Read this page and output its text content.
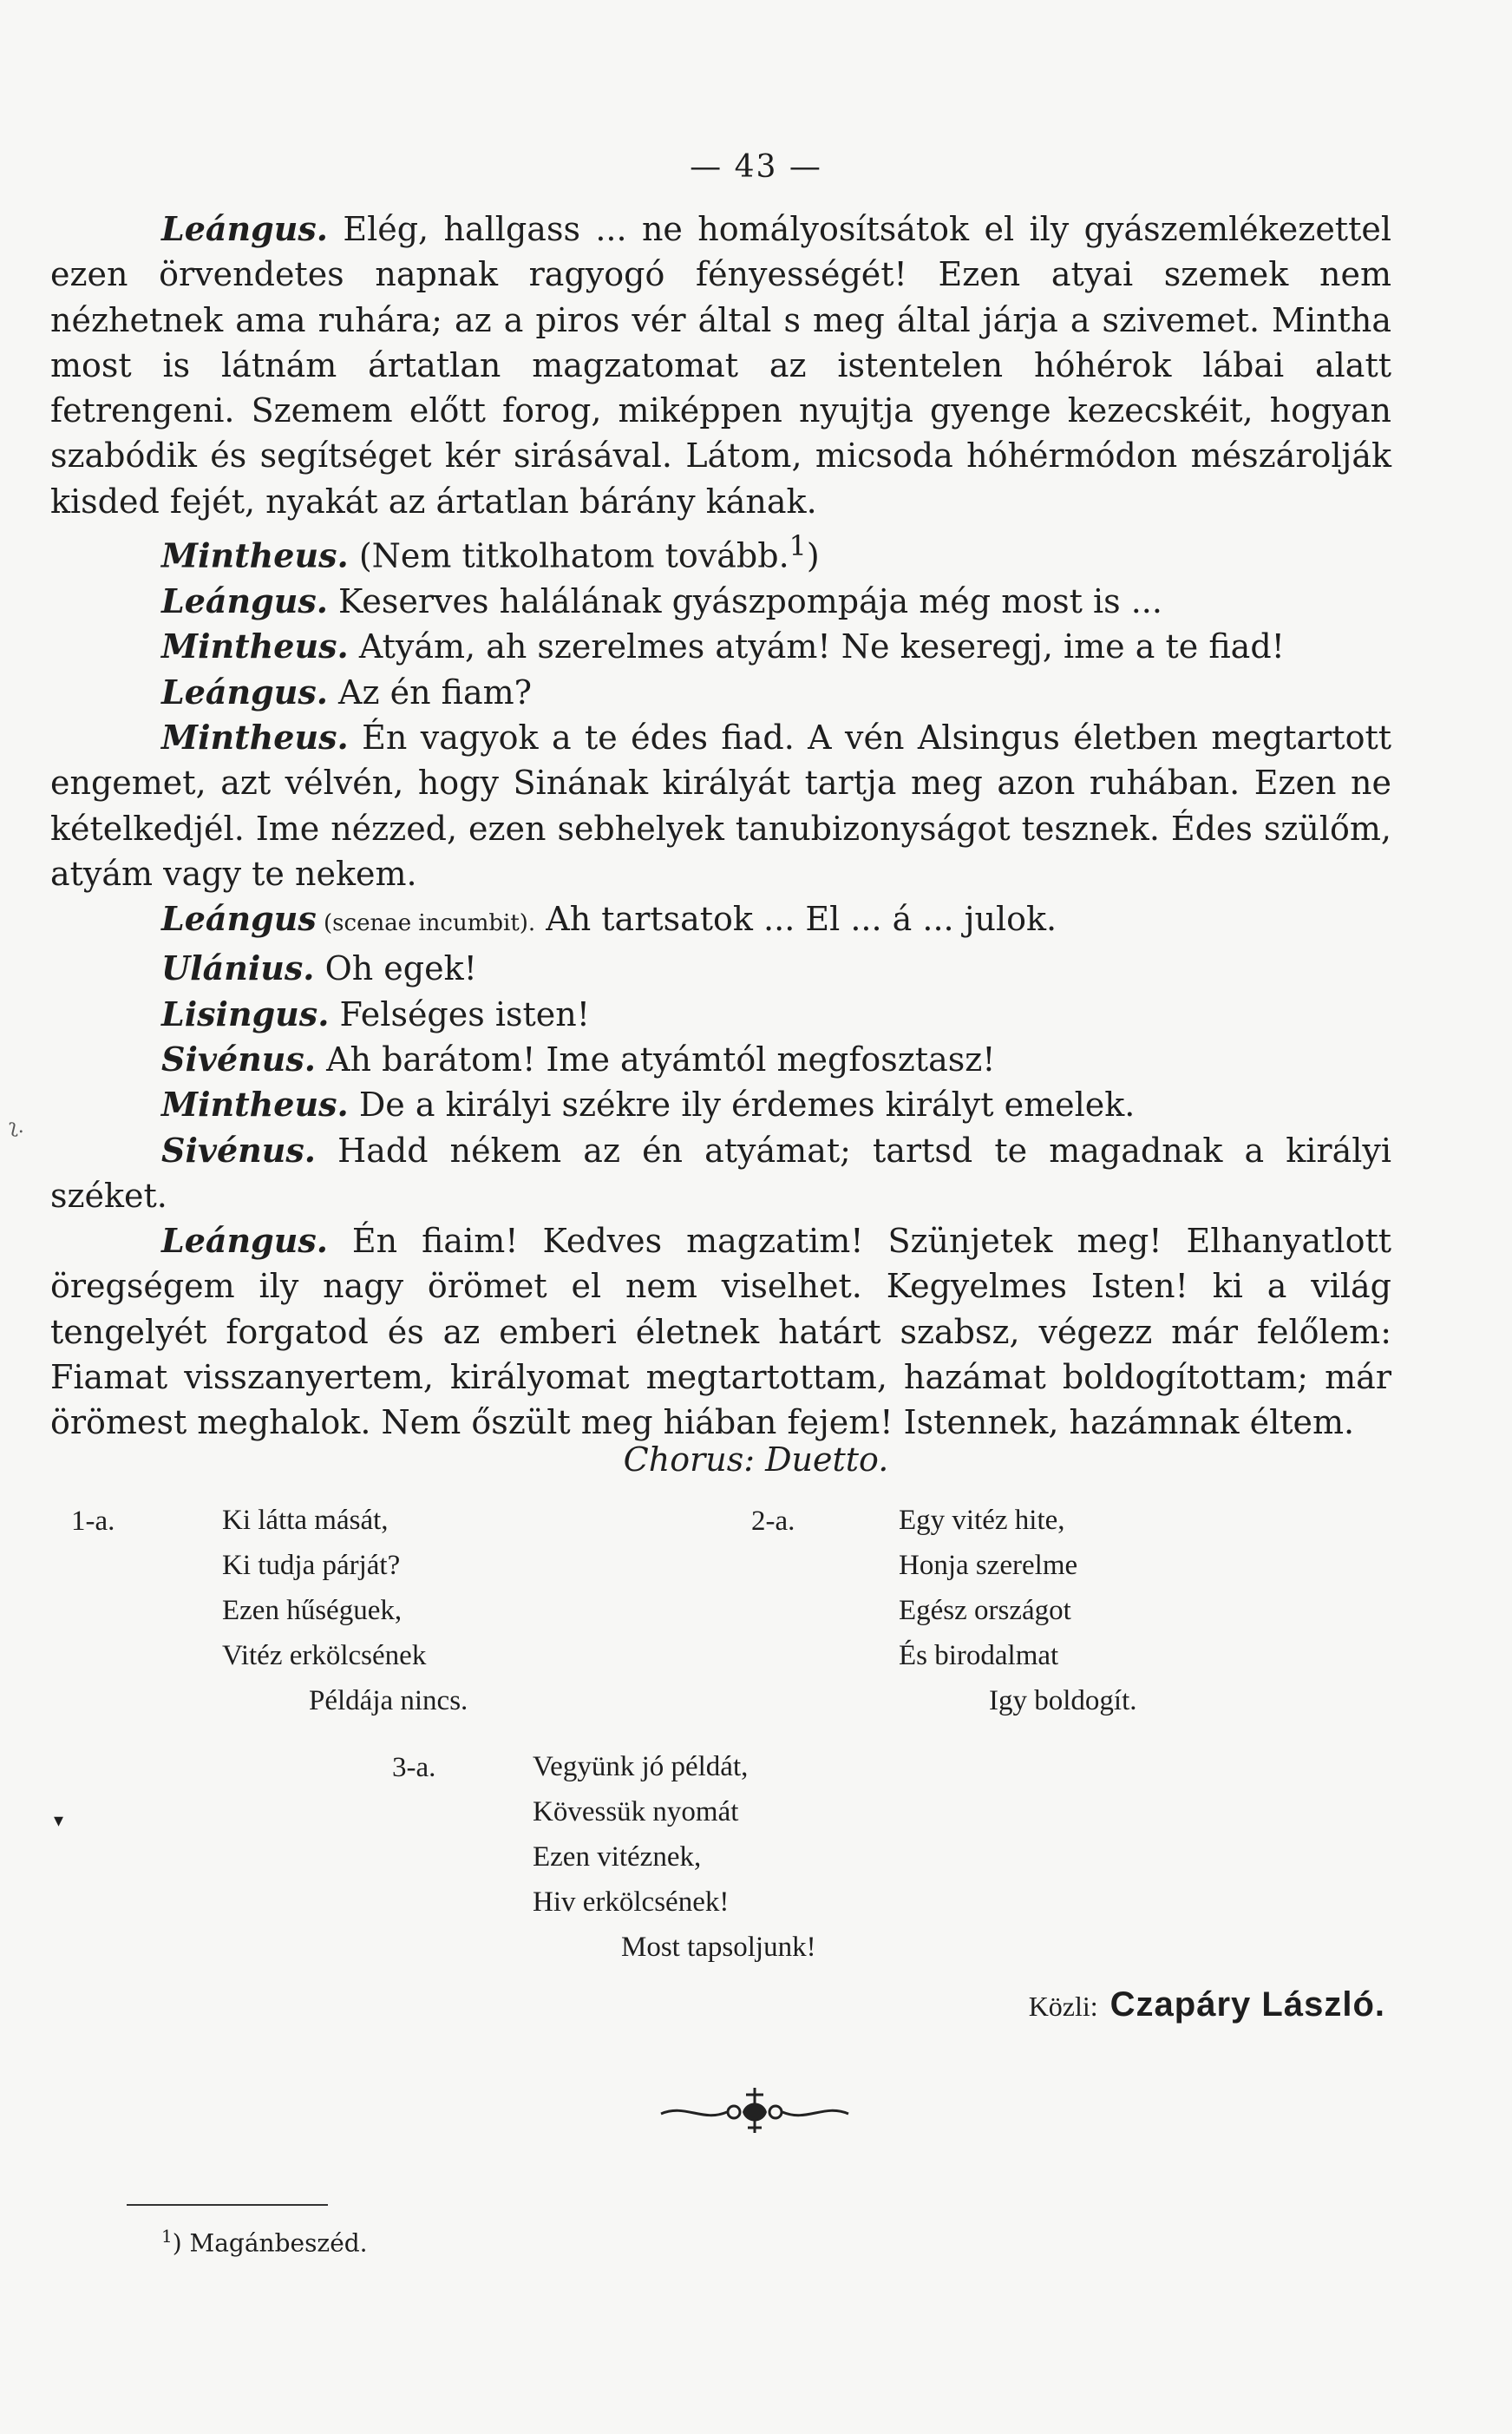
— 43 —

Leángus. Elég, hallgass ... ne homályosítsátok el ily gyászemlékezettel ezen örvendetes napnak ragyogó fényességét! Ezen atyai szemek nem nézhetnek ama ruhára; az a piros vér által s meg által járja a szivemet. Mintha most is látnám ártatlan magzatomat az istentelen hóhérok lábai alatt fetrengeni. Szemem előtt forog, miképpen nyujtja gyenge kezecskéit, hogyan szabódik és segítséget kér sirásával. Látom, micsoda hóhérmódon mészárolják kisded fejét, nyakát az ártatlan bárány kának.

Mintheus. (Nem titkolhatom tovább.$^1$)

Leángus. Keserves halálának gyászpompája még most is ...

Mintheus. Atyám, ah szerelmes atyám! Ne keseregj, ime a te fiad!

Leángus. Az én fiam?

Mintheus. Én vagyok a te édes fiad. A vén Alsingus életben megtartott engemet, azt vélvén, hogy Sinának királyát tartja meg azon ruhában. Ezen ne kételkedjél. Ime nézzed, ezen sebhelyek tanubizonyságot tesznek. Édes szülőm, atyám vagy te nekem.

Leángus (scenae incumbit). Ah tartsatok ... El ... á ... julok.

Ulánius. Oh egek!

Lisingus. Felséges isten!

Sivénus. Ah barátom! Ime atyámtól megfosztasz!

Mintheus. De a királyi székre ily érdemes királyt emelek.

Sivénus. Hadd nékem az én atyámat; tartsd te magadnak a királyi széket.

Leángus. Én fiaim! Kedves magzatim! Szünjetek meg! Elhanyatlott öregségem ily nagy örömet el nem viselhet. Kegyelmes Isten! ki a világ tengelyét forgatod és az emberi életnek határt szabsz, végezz már felőlem: Fiamat visszanyertem, királyomat megtartottam, hazámat boldogítottam; már örömest meghalok. Nem őszült meg hiában fejem! Istennek, hazámnak éltem.

Chorus: Duetto.
1-a.	Ki látta mását,
Ki tudja párját?
Ezen hűséguek,
Vitéz erkölcsének
Példája nincs.
2-a.	Egy vitéz hite,
Honja szerelme
Egész országot
És birodalmat
Igy boldogít.
3-a.	Vegyünk jó példát,
Kövessük nyomát
Ezen vitéznek,
Hiv erkölcsének!
Most tapsoljunk!
ʅ.
▾
Közli: Czapáry László.
$^1$) Magánbeszéd.
